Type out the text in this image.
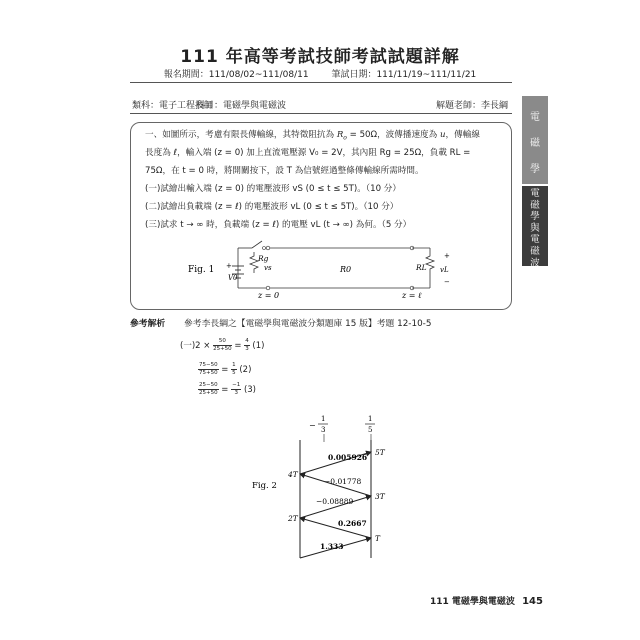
111 年高等考試技師考試試題詳解
報名期間：111/08/02~111/08/11	筆試日期：111/11/19~111/11/21
類科：電子工程技師
科目：電磁學與電磁波	解題老師：李長綱
電
磁
學
電
磁
學
與
電
磁
波
一、如圖所示，考慮有限長傳輸線，其特徵阻抗為 $R_o = 50\Omega$，波傳播速度為 u，傳輸線
長度為 ℓ，輸入端 (z = 0) 加上直流電壓源 V₀ = 2V，其內阻 Rg = 25Ω，負載 RL =
75Ω，在 t = 0 時，將開關按下，設 T 為信號經過整條傳輸線所需時間。
(一)試繪出輸入端 (z = 0) 的電壓波形 vS (0 ≤ t ≤ 5T)。（10 分）
(二)試繪出負載端 (z = ℓ) 的電壓波形 vL (0 ≤ t ≤ 5T)。（10 分）
(三)試求 t → ∞ 時，負載端 (z = ℓ) 的電壓 vL (t → ∞) 為何。（5 分）
Fig. 1 +
V0
Rg
vs	R0	RL
+
vL
−
z = 0	z = ℓ
參考解析 參考李長綱之【電磁學與電磁波分類題庫 15 版】考題 12-10-5
(一)$2 \times \frac{50}{25+50} = \frac{4}{3} (1)$
$\frac{75-50}{75+50} = \frac{1}{5} (2)$
$\frac{25-50}{25+50} = \frac{-1}{3} (3)$
Fig. 2
−
1
3
1
5
1.333
0.2667
−0.08889
−0.01778
0.005926
4T
2T
5T
3T
T
111 電磁學與電磁波 145
